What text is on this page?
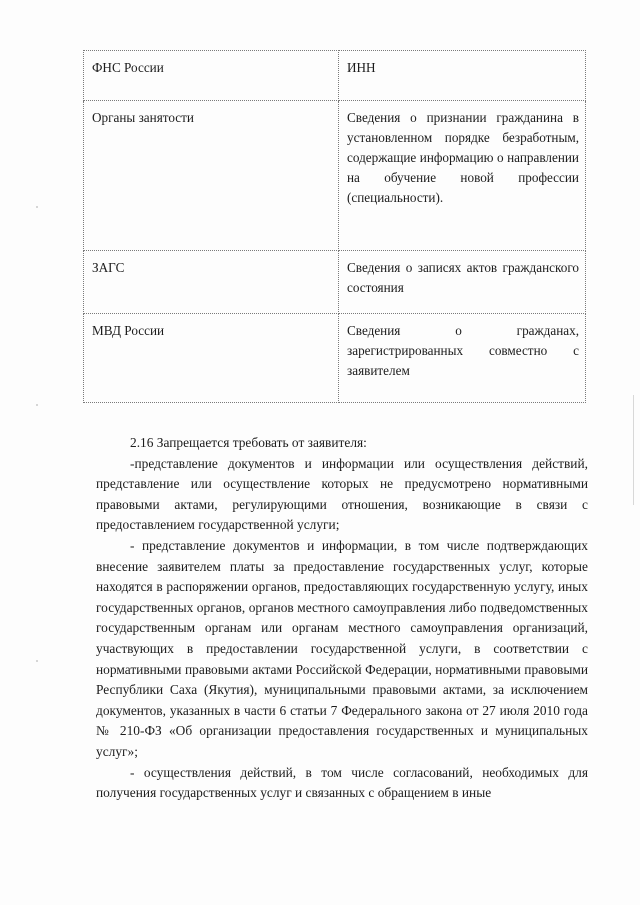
ФНС России	ИНН
Органы занятости	Сведения о признании гражданина в установленном порядке безработным, содержащие информацию о направлении на обучение новой профессии (специальности).
ЗАГС	Сведения о записях актов гражданского состояния
МВД России	Сведения о гражданах, зарегистрированных совместно с заявителем

2.16 Запрещается требовать от заявителя:

-представление документов и информации или осуществления действий, представление или осуществление которых не предусмотрено нормативными правовыми актами, регулирующими отношения, возникающие в связи с предоставлением государственной услуги;

- представление документов и информации, в том числе подтверждающих внесение заявителем платы за предоставление государственных услуг, которые находятся в распоряжении органов, предоставляющих государственную услугу, иных государственных органов, органов местного самоуправления либо подведомственных государственным органам или органам местного самоуправления организаций, участвующих в предоставлении государственной услуги, в соответствии с нормативными правовыми актами Российской Федерации, нормативными правовыми Республики Саха (Якутия), муниципальными правовыми актами, за исключением документов, указанных в части 6 статьи 7 Федерального закона от 27 июля 2010 года № 210-ФЗ «Об организации предоставления государственных и муниципальных услуг»;

- осуществления действий, в том числе согласований, необходимых для получения государственных услуг и связанных с обращением в иные
